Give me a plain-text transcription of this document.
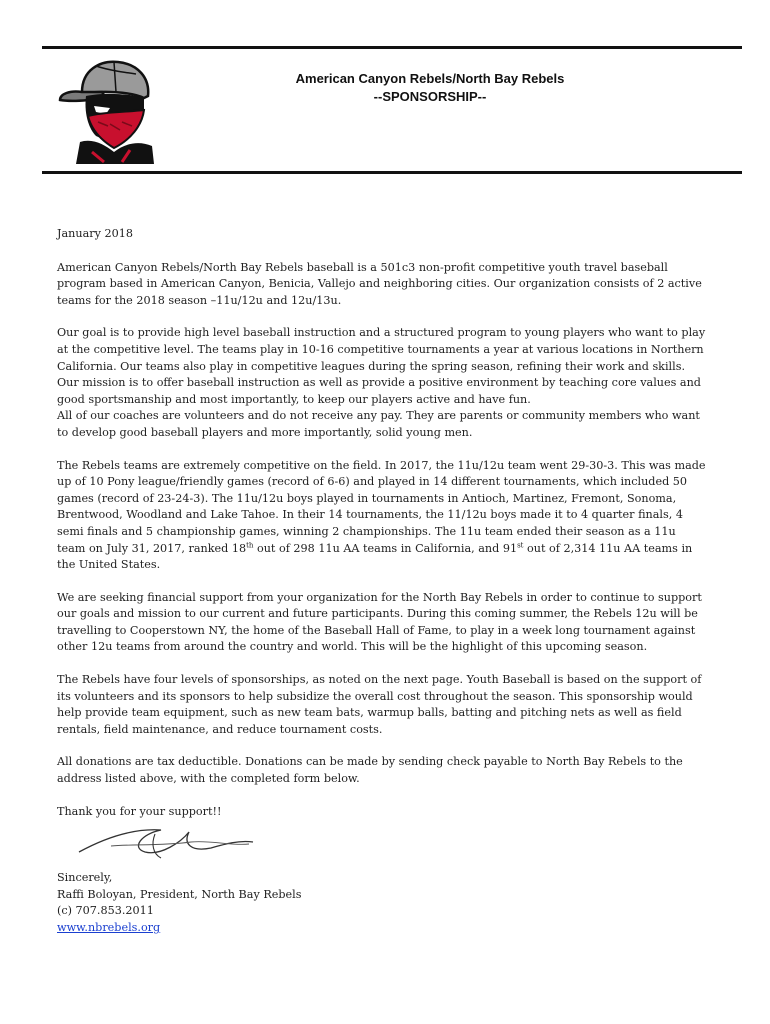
American Canyon Rebels/North Bay Rebels
--SPONSORSHIP--

January 2018

American Canyon Rebels/North Bay Rebels baseball is a 501c3 non-profit competitive youth travel baseball program based in American Canyon, Benicia, Vallejo and neighboring cities. Our organization consists of 2 active teams for the 2018 season –11u/12u and 12u/13u.

Our goal is to provide high level baseball instruction and a structured program to young players who want to play at the competitive level. The teams play in 10-16 competitive tournaments a year at various locations in Northern California. Our teams also play in competitive leagues during the spring season, refining their work and skills. Our mission is to offer baseball instruction as well as provide a positive environment by teaching core values and good sportsmanship and most importantly, to keep our players active and have fun.

All of our coaches are volunteers and do not receive any pay. They are parents or community members who want to develop good baseball players and more importantly, solid young men.

The Rebels teams are extremely competitive on the field. In 2017, the 11u/12u team went 29-30-3. This was made up of 10 Pony league/friendly games (record of 6-6) and played in 14 different tournaments, which included 50 games (record of 23-24-3). The 11u/12u boys played in tournaments in Antioch, Martinez, Fremont, Sonoma, Brentwood, Woodland and Lake Tahoe. In their 14 tournaments, the 11/12u boys made it to 4 quarter finals, 4 semi finals and 5 championship games, winning 2 championships. The 11u team ended their season as a 11u team on July 31, 2017, ranked 18th out of 298 11u AA teams in California, and 91st out of 2,314 11u AA teams in the United States.

We are seeking financial support from your organization for the North Bay Rebels in order to continue to support our goals and mission to our current and future participants. During this coming summer, the Rebels 12u will be travelling to Cooperstown NY, the home of the Baseball Hall of Fame, to play in a week long tournament against other 12u teams from around the country and world. This will be the highlight of this upcoming season.

The Rebels have four levels of sponsorships, as noted on the next page. Youth Baseball is based on the support of its volunteers and its sponsors to help subsidize the overall cost throughout the season. This sponsorship would help provide team equipment, such as new team bats, warmup balls, batting and pitching nets as well as field rentals, field maintenance, and reduce tournament costs.

All donations are tax deductible. Donations can be made by sending check payable to North Bay Rebels to the address listed above, with the completed form below.

Thank you for your support!!

Sincerely,
Raffi Boloyan, President, North Bay Rebels
(c) 707.853.2011
www.nbrebels.org
